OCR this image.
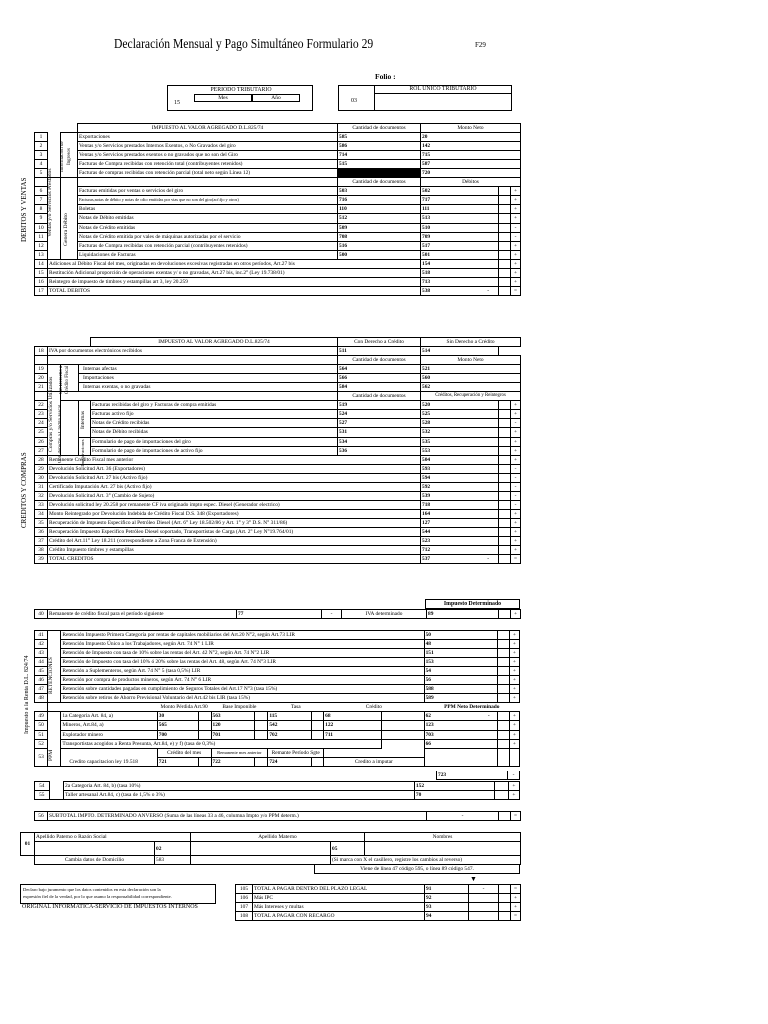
Declaración Mensual y Pago Simultáneo Formulario 29	F29
Folio :
15
PERIODO TRIBUTARIO
Mes	Año	03
ROL UNICO TRIBUTARIO
DEBITOS Y VENTAS
Información de Ingresos
Ventas y/o Servicios Prestados	Genera Débito
			IMPUESTO AL VALOR AGREGADO D.L.825/74	Cantidad de documentos	Monto Neto		
1			Exportaciones	585	20		
2			Ventas y/o Servicios prestados Internos Exentos, o No Gravados del giro	586	142		
3			Ventas y/o Servicios prestados exentos o no gravados que no son del Giro	714	715		
4			Facturas de Compra recibidas con retención total (contribuyentes retenidos)	515	587		
5			Facturas de compras recibidas con retención parcial (total neto según Línea 12)		720		
				Cantidad de documentos	Débitos		
6			Facturas emitidas por ventas o servicios del giro	503	502		+
7			Facturas,notas de débito y notas de cdto emitidas por vtas que no son del giro(act\fjo y otros)	716	717		+
8			Boletas	110	111		+
9			Notas de Débito emitidas	512	513		+
10			Notas de Crédito emitidas	509	510		-
11			Notas de Crédito emitida por vales de máquinas autorizadas por el servicio	708	709		-
12			Facturas de Compra recibidas con retención parcial (contribuyentes retenidos)	516	517		+
13			Liquidaciones de Facturas	500	501		+
14	Adiciones al Débito Fiscal del mes, originadas en devoluciones excesivas registradas en otros períodos, Art.27 bis				154		+
15	Restitución Adicional proporción de operaciones exentas y/ o no gravadas, Art.27 bis, inc.2° (Ley 19.738/01)				518		+
16	Reintegro de impuesto de timbres y estampillas art 3, ley 20.259				713		+
17	TOTAL DEBITOS				538 -		=
CREDITOS Y COMPRAS
Compras y/o Servicios Utilizados	Sin Derecho a Crédito Fiscal
Con derecho a Crédito Fiscal	Internas
Import-aciones
				IMPUESTO AL VALOR AGREGADO D.L.825/74	Con Derecho a Crédito	Sin Derecho a Crédito		
18	IVA por documentos electrónicos recibidos				511	514		
					Cantidad de documentos	Monto Neto		
19			Internas afectas		564	521		
20			Importaciones		566	560		
21			Internas exentas, o no gravadas		584	562		
					Cantidad de documentos	Créditos, Recuperación y Reintegros		
22				Facturas recibidas del giro y Facturas de compra emitidas	519	520		+
23				Facturas activo fijo	524	525		+
24				Notas de Crédito recibidas	527	528		-
25				Notas de Débito recibidas	531	532		+
26				Formulario de pago de importaciones del giro	534	535		+
27				Formulario de pago de importaciones de activo fijo	536	553		+
28	Remanente Crédito Fiscal mes anterior					504		+
29	Devolución Solicitud Art. 36 (Exportadores)					593		-
30	Devolución Solicitud Art. 27 bis (Activo fijo)					594		-
31	Certificado Imputación Art. 27 bis (Activo fijo)					592		-
32	Devolución Solicitud Art. 3° (Cambio de Sujeto)					539		-
33	Devolución solicitud ley 20.258 por remanente CF iva originado impto espec. Diesel (Generador electrico)					718		-
34	Monto Reintegrado por Devolución Indebida de Crédito Fiscal D.S. 348 (Exportadores)					164		+
35	Recuperación de Impuesto Especifico al Petróleo Diesel (Art. 6° Ley 18.502/86 y Art. 1° y 3° D.S. N° 311/86)					127		+
36	Recuperación Impuesto Especifico Petróleo Diesel soportado, Transportistas de Carga (Art. 2° Ley N°19.764/01)					544		+
37	Crédito del Art.11° Ley 18.211 (correspondiente a Zona Franca de Extensión)					523		+
38	Crédito Impuesto timbres y estampillas					712		+
39	TOTAL CREDITOS					537 -		=
Impuesto Determinado
40	Remanente de crédito fiscal para el período siguiente	77	-	IVA determinado	89		+
Impuesto a la Renta D.L. 824/74	RETENCIONES
PPM
41		Retención Impuesto Primera Categoría por rentas de capitales mobiliarios del Art.20 N°2, según Art.73 LIR									50		+
42		Retención Impuesto Único a los Trabajadores, según Art. 74 N° 1 LIR									48		+
43		Retención de Impuesto con tasa de 10% sobre las rentas del Art. 42 N°2, según Art. 74 N°2 LIR									151		+
44		Retención de Impuesto con tasa del 10% ó 20% sobre las rentas del Art. 48, según Art. 74 N°3 LIR									153		+
45		Retención a Suplementeros, según Art. 74 N° 5 (tasa 0,5%) LIR									54		+
46		Retención por compra de productos mineros, según Art. 74 N° 6 LIR									56		+
47		Retención sobre cantidades pagadas en cumplimiento de Seguros Totales del Art.17 N°3 (tasa 15%)									588		+
48		Retención sobre retiros de Ahorro Previsional Voluntario del Art.42 bis LIR (tasa 15%)									589		+
			Monto Pérdida Art.90		Base Imponible		Tasa		Crédito		PPM Neto Determinado		
49		1a Categoria Art. 84, a)	30		563		115		68		62 -		+
50		Mineros, Art.84, a)	565		120		542		122		123		+
51		Explotador minero	700		701		702		711		703		+
52		Transportistas acogidos a Renta Presunta, Art.84, e) y f) (tasa de 0,3%)									66		+
53		Credito capacitacion ley 19.518	Crédito del mes		Remanente mes anterior		Remante Período Sgte						
			721		722		724		Credito a imputar				
723	-
54		2a Categoria Art. 84, b) (tasa 10%)	152		+
55		Taller artesanal Art.84, c) (tasa de 1,5% o 3%)	70		+
56	SUBTOTAL IMPTO. DETERMINADO ANVERSO (Suma de las líneas 33 a 46, columna Impto y/o PPM determ.)	-		=
01	Apellido Paterno o Razón Social		Apellido Materno		Nombres
		02		05	
	Cambia datos de Domicilio	583		(Si marca con X el casillero, registre los cambios al reverso)	
Viene de línea 47 código 595, o línea 89 código 547.
▼
Declaro bajo juramento que los datos contenidos en esta declaración son la
expresión fiel de la verdad, por lo que asumo la responsabilidad correspondiente.
ORIGINAL INFORMATICA-SERVICIO DE IMPUESTOS INTERNOS
105	TOTAL A PAGAR DENTRO DEL PLAZO LEGAL	91	-		=
106	Más IPC	92			+
107	Más Intereses y multas	93			+
108	TOTAL A PAGAR CON RECARGO	94			=
